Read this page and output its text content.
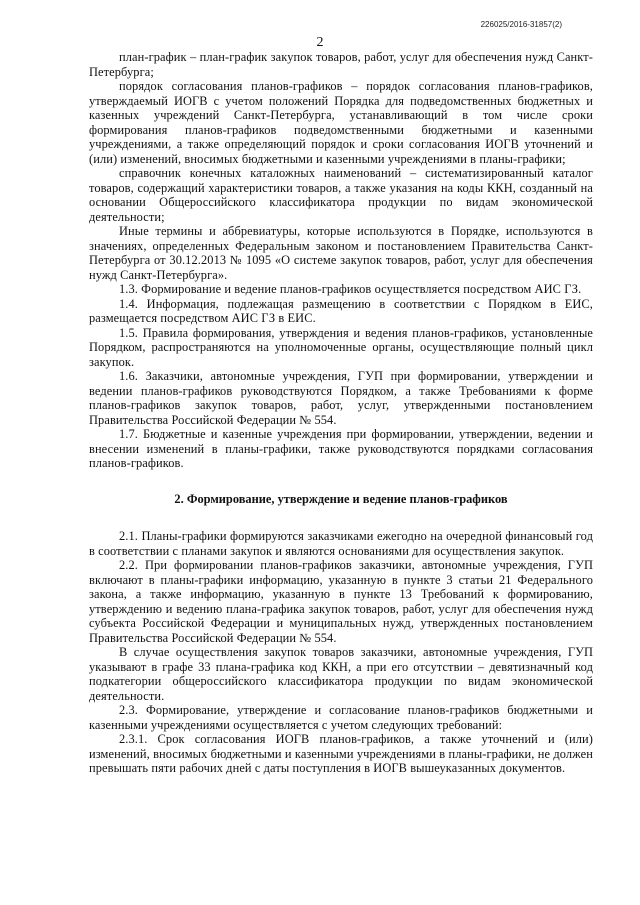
226025/2016-31857(2)
2

план-график – план-график закупок товаров, работ, услуг для обеспечения нужд Санкт-Петербурга;

порядок согласования планов-графиков – порядок согласования планов-графиков, утверждаемый ИОГВ с учетом положений Порядка для подведомственных бюджетных и казенных учреждений Санкт-Петербурга, устанавливающий в том числе сроки формирования планов-графиков подведомственными бюджетными и казенными учреждениями, а также определяющий порядок и сроки согласования ИОГВ уточнений и (или) изменений, вносимых бюджетными и казенными учреждениями в планы-графики;

справочник конечных каталожных наименований – систематизированный каталог товаров, содержащий характеристики товаров, а также указания на коды ККН, созданный на основании Общероссийского классификатора продукции по видам экономической деятельности;

Иные термины и аббревиатуры, которые используются в Порядке, используются в значениях, определенных Федеральным законом и постановлением Правительства Санкт-Петербурга от 30.12.2013 № 1095 «О системе закупок товаров, работ, услуг для обеспечения нужд Санкт-Петербурга».

1.3. Формирование и ведение планов-графиков осуществляется посредством АИС ГЗ.

1.4. Информация, подлежащая размещению в соответствии с Порядком в ЕИС, размещается посредством АИС ГЗ в ЕИС.

1.5. Правила формирования, утверждения и ведения планов-графиков, установленные Порядком, распространяются на уполномоченные органы, осуществляющие полный цикл закупок.

1.6. Заказчики, автономные учреждения, ГУП при формировании, утверждении и ведении планов-графиков руководствуются Порядком, а также Требованиями к форме планов-графиков закупок товаров, работ, услуг, утвержденными постановлением Правительства Российской Федерации № 554.

1.7. Бюджетные и казенные учреждения при формировании, утверждении, ведении и внесении изменений в планы-графики, также руководствуются порядками согласования планов-графиков.

2. Формирование, утверждение и ведение планов-графиков

2.1. Планы-графики формируются заказчиками ежегодно на очередной финансовый год в соответствии с планами закупок и являются основаниями для осуществления закупок.

2.2. При формировании планов-графиков заказчики, автономные учреждения, ГУП включают в планы-графики информацию, указанную в пункте 3 статьи 21 Федерального закона, а также информацию, указанную в пункте 13 Требований к формированию, утверждению и ведению плана-графика закупок товаров, работ, услуг для обеспечения нужд субъекта Российской Федерации и муниципальных нужд, утвержденных постановлением Правительства Российской Федерации № 554.

В случае осуществления закупок товаров заказчики, автономные учреждения, ГУП указывают в графе 33 плана-графика код ККН, а при его отсутствии – девятизначный код подкатегории общероссийского классификатора продукции по видам экономической деятельности.

2.3. Формирование, утверждение и согласование планов-графиков бюджетными и казенными учреждениями осуществляется с учетом следующих требований:

2.3.1. Срок согласования ИОГВ планов-графиков, а также уточнений и (или) изменений, вносимых бюджетными и казенными учреждениями в планы-графики, не должен превышать пяти рабочих дней с даты поступления в ИОГВ вышеуказанных документов.
